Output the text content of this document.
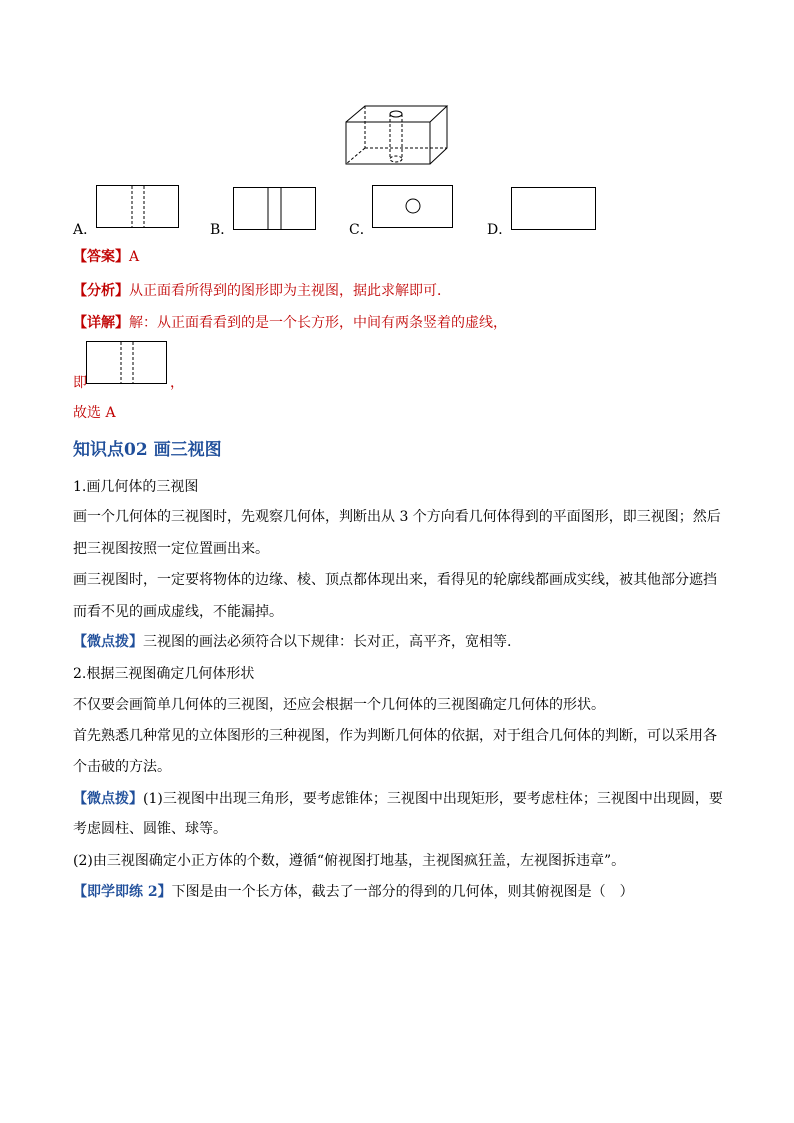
A．	B．	C．	D．
【答案】A
【分析】从正面看所得到的图形即为主视图，据此求解即可．
【详解】解：从正面看看到的是一个长方形，中间有两条竖着的虚线，
即	，
故选 A
知识点02 画三视图
1.画几何体的三视图
画一个几何体的三视图时，先观察几何体，判断出从 3 个方向看几何体得到的平面图形，即三视图；然后
把三视图按照一定位置画出来。
画三视图时，一定要将物体的边缘、棱、顶点都体现出来，看得见的轮廓线都画成实线，被其他部分遮挡
而看不见的画成虚线，不能漏掉。
【微点拨】三视图的画法必须符合以下规律：长对正，高平齐，宽相等.
2.根据三视图确定几何体形状
不仅要会画简单几何体的三视图，还应会根据一个几何体的三视图确定几何体的形状。
首先熟悉几种常见的立体图形的三种视图，作为判断几何体的依据，对于组合几何体的判断，可以采用各
个击破的方法。
【微点拨】(1)三视图中出现三角形，要考虑锥体；三视图中出现矩形，要考虑柱体；三视图中出现圆，要
考虑圆柱、圆锥、球等。
(2)由三视图确定小正方体的个数，遵循“俯视图打地基，主视图疯狂盖，左视图拆违章”。
【即学即练 2】下图是由一个长方体，截去了一部分的得到的几何体，则其俯视图是（　）
